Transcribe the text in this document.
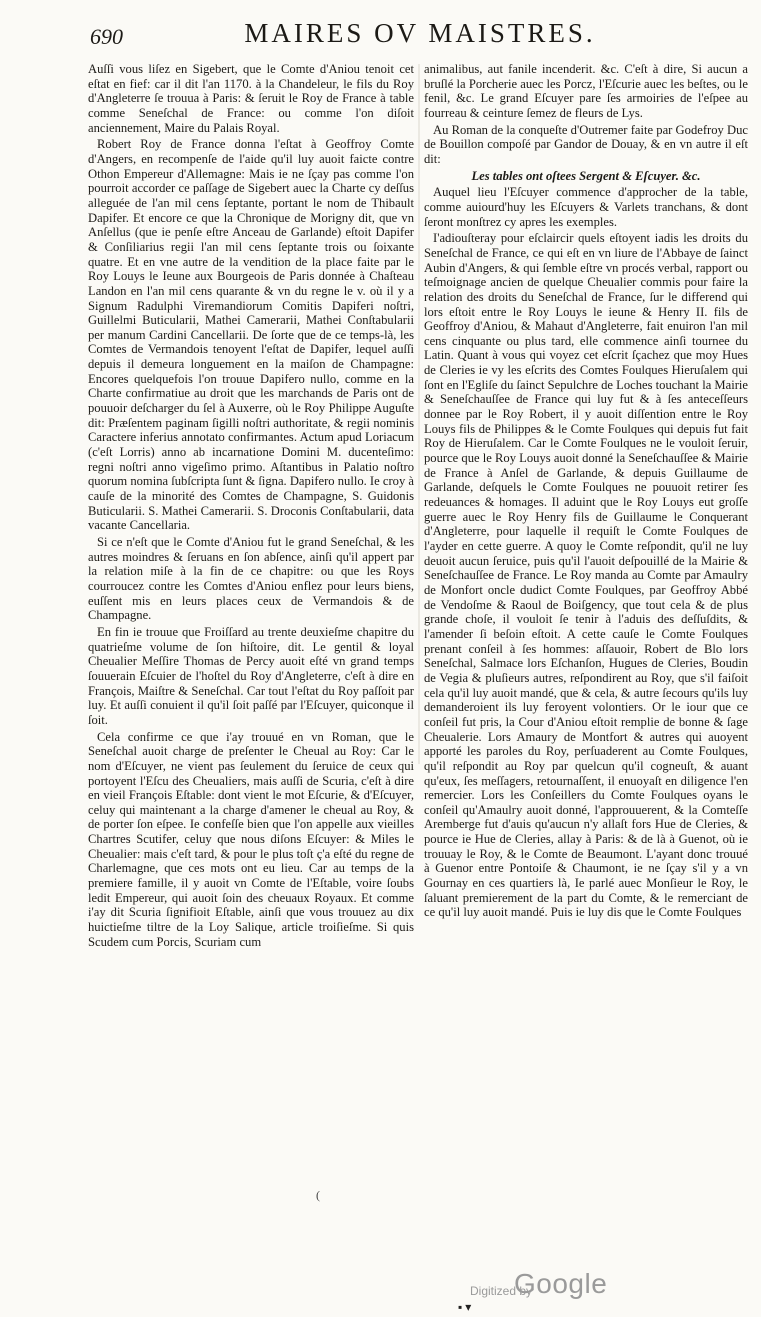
690	MAIRES OV MAISTRES.

Auſſi vous liſez en Sigebert, que le Comte d'Aniou tenoit cet eſtat en fief: car il dit l'an 1170. à la Chandeleur, le fils du Roy d'Angleterre ſe trouua à Paris: & ſeruit le Roy de France à table comme Seneſchal de France: ou comme l'on diſoit anciennement, Maire du Palais Royal.

Robert Roy de France donna l'eſtat à Geoffroy Comte d'Angers, en recompenſe de l'aide qu'il luy auoit faicte contre Othon Empereur d'Allemagne: Mais ie ne ſçay pas comme l'on pourroit accorder ce paſſage de Sigebert auec la Charte cy deſſus alleguée de l'an mil cens ſeptante, portant le nom de Thibault Dapifer. Et encore ce que la Chronique de Morigny dit, que vn Anſellus (que ie penſe eſtre Anceau de Garlande) eſtoit Dapifer & Conſiliarius regii l'an mil cens ſeptante trois ou ſoixante quatre. Et en vne autre de la vendition de la place faite par le Roy Louys le Ieune aux Bourgeois de Paris donnée à Chaſteau Landon en l'an mil cens quarante & vn du regne le v. où il y a Signum Radulphi Viremandiorum Comitis Dapiferi noſtri, Guillelmi Buticularii, Mathei Camerarii, Mathei Conſtabularii per manum Cardini Cancellarii. De ſorte que de ce temps-là, les Comtes de Vermandois tenoyent l'eſtat de Dapifer, lequel auſſi depuis il demeura longuement en la maiſon de Champagne: Encores quelquefois l'on trouue Dapifero nullo, comme en la Charte confirmatiue au droit que les marchands de Paris ont de pouuoir deſcharger du ſel à Auxerre, où le Roy Philippe Auguſte dit: Præſentem paginam ſigilli noſtri authoritate, & regii nominis Caractere inferius annotato confirmantes. Actum apud Loriacum (c'eſt Lorris) anno ab incarnatione Domini M. ducenteſimo: regni noſtri anno vigeſimo primo. Aſtantibus in Palatio noſtro quorum nomina ſubſcripta ſunt & ſigna. Dapifero nullo. Ie croy à cauſe de la minorité des Comtes de Champagne, S. Guidonis Buticularii. S. Mathei Camerarii. S. Droconis Conſtabularii, data vacante Cancellaria.

Si ce n'eſt que le Comte d'Aniou fut le grand Seneſchal, & les autres moindres & ſeruans en ſon abſence, ainſi qu'il appert par la relation miſe à la fin de ce chapitre: ou que les Roys courroucez contre les Comtes d'Aniou enflez pour leurs biens, euſſent mis en leurs places ceux de Vermandois & de Champagne.

En fin ie trouue que Froiſſard au trente deuxieſme chapitre du quatrieſme volume de ſon hiſtoire, dit. Le gentil & loyal Cheualier Meſſire Thomas de Percy auoit eſté vn grand temps ſouuerain Eſcuier de l'hoſtel du Roy d'Angleterre, c'eſt à dire en François, Maiſtre & Seneſchal. Car tout l'eſtat du Roy paſſoit par luy. Et auſſi conuient il qu'il ſoit paſſé par l'Eſcuyer, quiconque il ſoit.

Cela confirme ce que i'ay trouué en vn Roman, que le Seneſchal auoit charge de preſenter le Cheual au Roy: Car le nom d'Eſcuyer, ne vient pas ſeulement du ſeruice de ceux qui portoyent l'Eſcu des Cheualiers, mais auſſi de Scuria, c'eſt à dire en vieil François Eſtable: dont vient le mot Eſcurie, & d'Eſcuyer, celuy qui maintenant a la charge d'amener le cheual au Roy, & de porter ſon eſpee. Ie confeſſe bien que l'on appelle aux vieilles Chartres Scutifer, celuy que nous diſons Eſcuyer: & Miles le Cheualier: mais c'eſt tard, & pour le plus toſt ç'a eſté du regne de Charlemagne, que ces mots ont eu lieu. Car au temps de la premiere famille, il y auoit vn Comte de l'Eſtable, voire ſoubs ledit Empereur, qui auoit ſoin des cheuaux Royaux. Et comme i'ay dit Scuria ſignifioit Eſtable, ainſi que vous trouuez au dix huictieſme tiltre de la Loy Salique, article troiſieſme. Si quis Scudem cum Porcis, Scuriam cum

animalibus, aut fanile incenderit. &c. C'eſt à dire, Si aucun a bruſlé la Porcherie auec les Porcz, l'Eſcurie auec les beſtes, ou le fenil, &c. Le grand Eſcuyer pare ſes armoiries de l'eſpee au fourreau & ceinture ſemez de fleurs de Lys.

Au Roman de la conqueſte d'Outremer faite par Godefroy Duc de Bouillon compoſé par Gandor de Douay, & en vn autre il eſt dit:

Les tables ont oſtees Sergent & Eſcuyer. &c.

Auquel lieu l'Eſcuyer commence d'approcher de la table, comme auiourd'huy les Eſcuyers & Varlets tranchans, & dont ſeront monſtrez cy apres les exemples.

I'adiouſteray pour eſclaircir quels eſtoyent iadis les droits du Seneſchal de France, ce qui eſt en vn liure de l'Abbaye de ſainct Aubin d'Angers, & qui ſemble eſtre vn procés verbal, rapport ou teſmoignage ancien de quelque Cheualier commis pour faire la relation des droits du Seneſchal de France, ſur le differend qui lors eſtoit entre le Roy Louys le ieune & Henry II. fils de Geoffroy d'Aniou, & Mahaut d'Angleterre, fait enuiron l'an mil cens cinquante ou plus tard, elle commence ainſi tournee du Latin. Quant à vous qui voyez cet eſcrit ſçachez que moy Hues de Cleries ie vy les eſcrits des Comtes Foulques Hieruſalem qui ſont en l'Egliſe du ſainct Sepulchre de Loches touchant la Mairie & Seneſchauſſee de France qui luy fut & à ſes anteceſſeurs donnee par le Roy Robert, il y auoit diſſention entre le Roy Louys fils de Philippes & le Comte Foulques qui depuis fut fait Roy de Hieruſalem. Car le Comte Foulques ne le vouloit ſeruir, pource que le Roy Louys auoit donné la Seneſchauſſee & Mairie de France à Anſel de Garlande, & depuis Guillaume de Garlande, deſquels le Comte Foulques ne pouuoit retirer ſes redeuances & homages. Il aduint que le Roy Louys eut groſſe guerre auec le Roy Henry fils de Guillaume le Conquerant d'Angleterre, pour laquelle il requiſt le Comte Foulques de l'ayder en cette guerre. A quoy le Comte reſpondit, qu'il ne luy deuoit aucun ſeruice, puis qu'il l'auoit deſpouillé de la Mairie & Seneſchauſſee de France. Le Roy manda au Comte par Amaulry de Monfort oncle dudict Comte Foulques, par Geoffroy Abbé de Vendoſme & Raoul de Boiſgency, que tout cela & de plus grande choſe, il vouloit ſe tenir à l'aduis des deſſuſdits, & l'amender ſi beſoin eſtoit. A cette cauſe le Comte Foulques prenant conſeil à ſes hommes: aſſauoir, Robert de Blo lors Seneſchal, Salmace lors Eſchanſon, Hugues de Cleries, Boudin de Vegia & pluſieurs autres, reſpondirent au Roy, que s'il faiſoit cela qu'il luy auoit mandé, que & cela, & autre ſecours qu'ils luy demanderoient ils luy feroyent volontiers. Or le iour que ce conſeil fut pris, la Cour d'Aniou eſtoit remplie de bonne & ſage Cheualerie. Lors Amaury de Montfort & autres qui auoyent apporté les paroles du Roy, perſuaderent au Comte Foulques, qu'il reſpondit au Roy par quelcun qu'il cogneuſt, & auant qu'eux, ſes meſſagers, retournaſſent, il enuoyaſt en diligence l'en remercier. Lors les Conſeillers du Comte Foulques oyans le conſeil qu'Amaulry auoit donné, l'approuuerent, & la Comteſſe Aremberge fut d'auis qu'aucun n'y allaſt fors Hue de Cleries, & pource ie Hue de Cleries, allay à Paris: & de là à Guenot, où ie trouuay le Roy, & le Comte de Beaumont. L'ayant donc trouué à Guenor entre Pontoiſe & Chaumont, ie ne ſçay s'il y a vn Gournay en ces quartiers là, Ie parlé auec Monſieur le Roy, le ſaluant premierement de la part du Comte, & le remerciant de ce qu'il luy auoit mandé. Puis ie luy dis que le Comte Foulques

(
Digitized by
Google
▪ ▾
